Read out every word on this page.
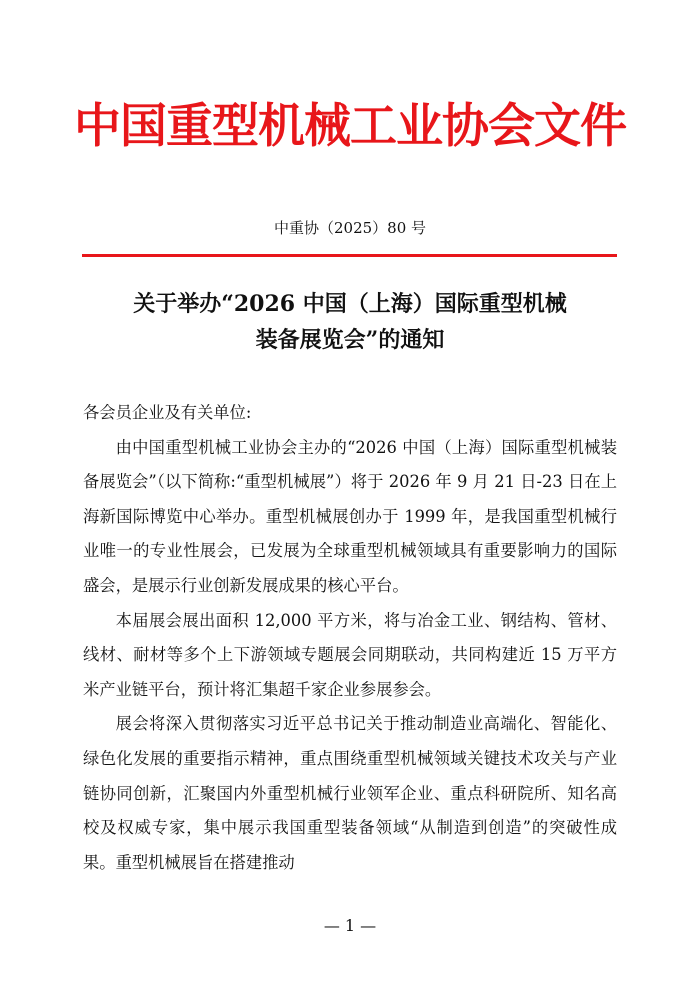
中国重型机械工业协会文件
中重协（2025）80 号
关于举办“2026 中国（上海）国际重型机械
装备展览会”的通知

各会员企业及有关单位:

由中国重型机械工业协会主办的“2026 中国（上海）国际重型机械装备展览会”（以下简称:“重型机械展”）将于 2026 年 9 月 21 日-23 日在上海新国际博览中心举办。重型机械展创办于 1999 年，是我国重型机械行业唯一的专业性展会，已发展为全球重型机械领域具有重要影响力的国际盛会，是展示行业创新发展成果的核心平台。

本届展会展出面积 12,000 平方米，将与冶金工业、钢结构、管材、线材、耐材等多个上下游领域专题展会同期联动，共同构建近 15 万平方米产业链平台，预计将汇集超千家企业参展参会。

展会将深入贯彻落实习近平总书记关于推动制造业高端化、智能化、绿色化发展的重要指示精神，重点围绕重型机械领域关键技术攻关与产业链协同创新，汇聚国内外重型机械行业领军企业、重点科研院所、知名高校及权威专家，集中展示我国重型装备领域“从制造到创造”的突破性成果。重型机械展旨在搭建推动

— 1 —
